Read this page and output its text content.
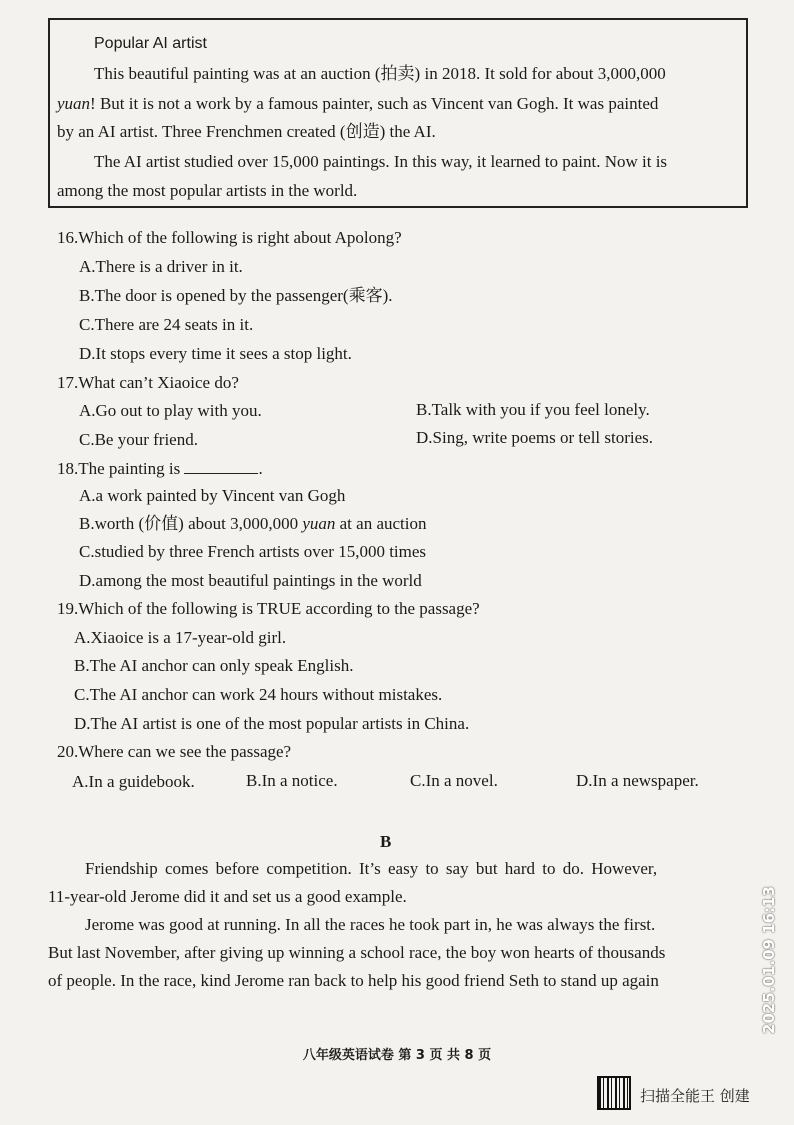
Popular AI artist
This beautiful painting was at an auction (拍卖) in 2018. It sold for about 3,000,000
yuan! But it is not a work by a famous painter, such as Vincent van Gogh. It was painted
by an AI artist. Three Frenchmen created (创造) the AI.
The AI artist studied over 15,000 paintings. In this way, it learned to paint. Now it is
among the most popular artists in the world.
16.Which of the following is right about Apolong?
A.There is a driver in it.
B.The door is opened by the passenger(乘客).
C.There are 24 seats in it.
D.It stops every time it sees a stop light.
17.What can’t Xiaoice do?
A.Go out to play with you.	B.Talk with you if you feel lonely.
C.Be your friend.	D.Sing, write poems or tell stories.
18.The painting is	.
A.a work painted by Vincent van Gogh
B.worth (价值) about 3,000,000 yuan at an auction
C.studied by three French artists over 15,000 times
D.among the most beautiful paintings in the world
19.Which of the following is TRUE according to the passage?
A.Xiaoice is a 17-year-old girl.
B.The AI anchor can only speak English.
C.The AI anchor can work 24 hours without mistakes.
D.The AI artist is one of the most popular artists in China.
20.Where can we see the passage?
A.In a guidebook.	B.In a notice.	C.In a novel.	D.In a newspaper.
B
Friendship comes before competition. It’s easy to say but hard to do. However,
11-year-old Jerome did it and set us a good example.
Jerome was good at running. In all the races he took part in, he was always the first.
But last November, after giving up winning a school race, the boy won hearts of thousands
of people. In the race, kind Jerome ran back to help his good friend Seth to stand up again
八年级英语试卷 第 3 页 共 8 页
2025.01.09 16:13
扫描全能王 创建
